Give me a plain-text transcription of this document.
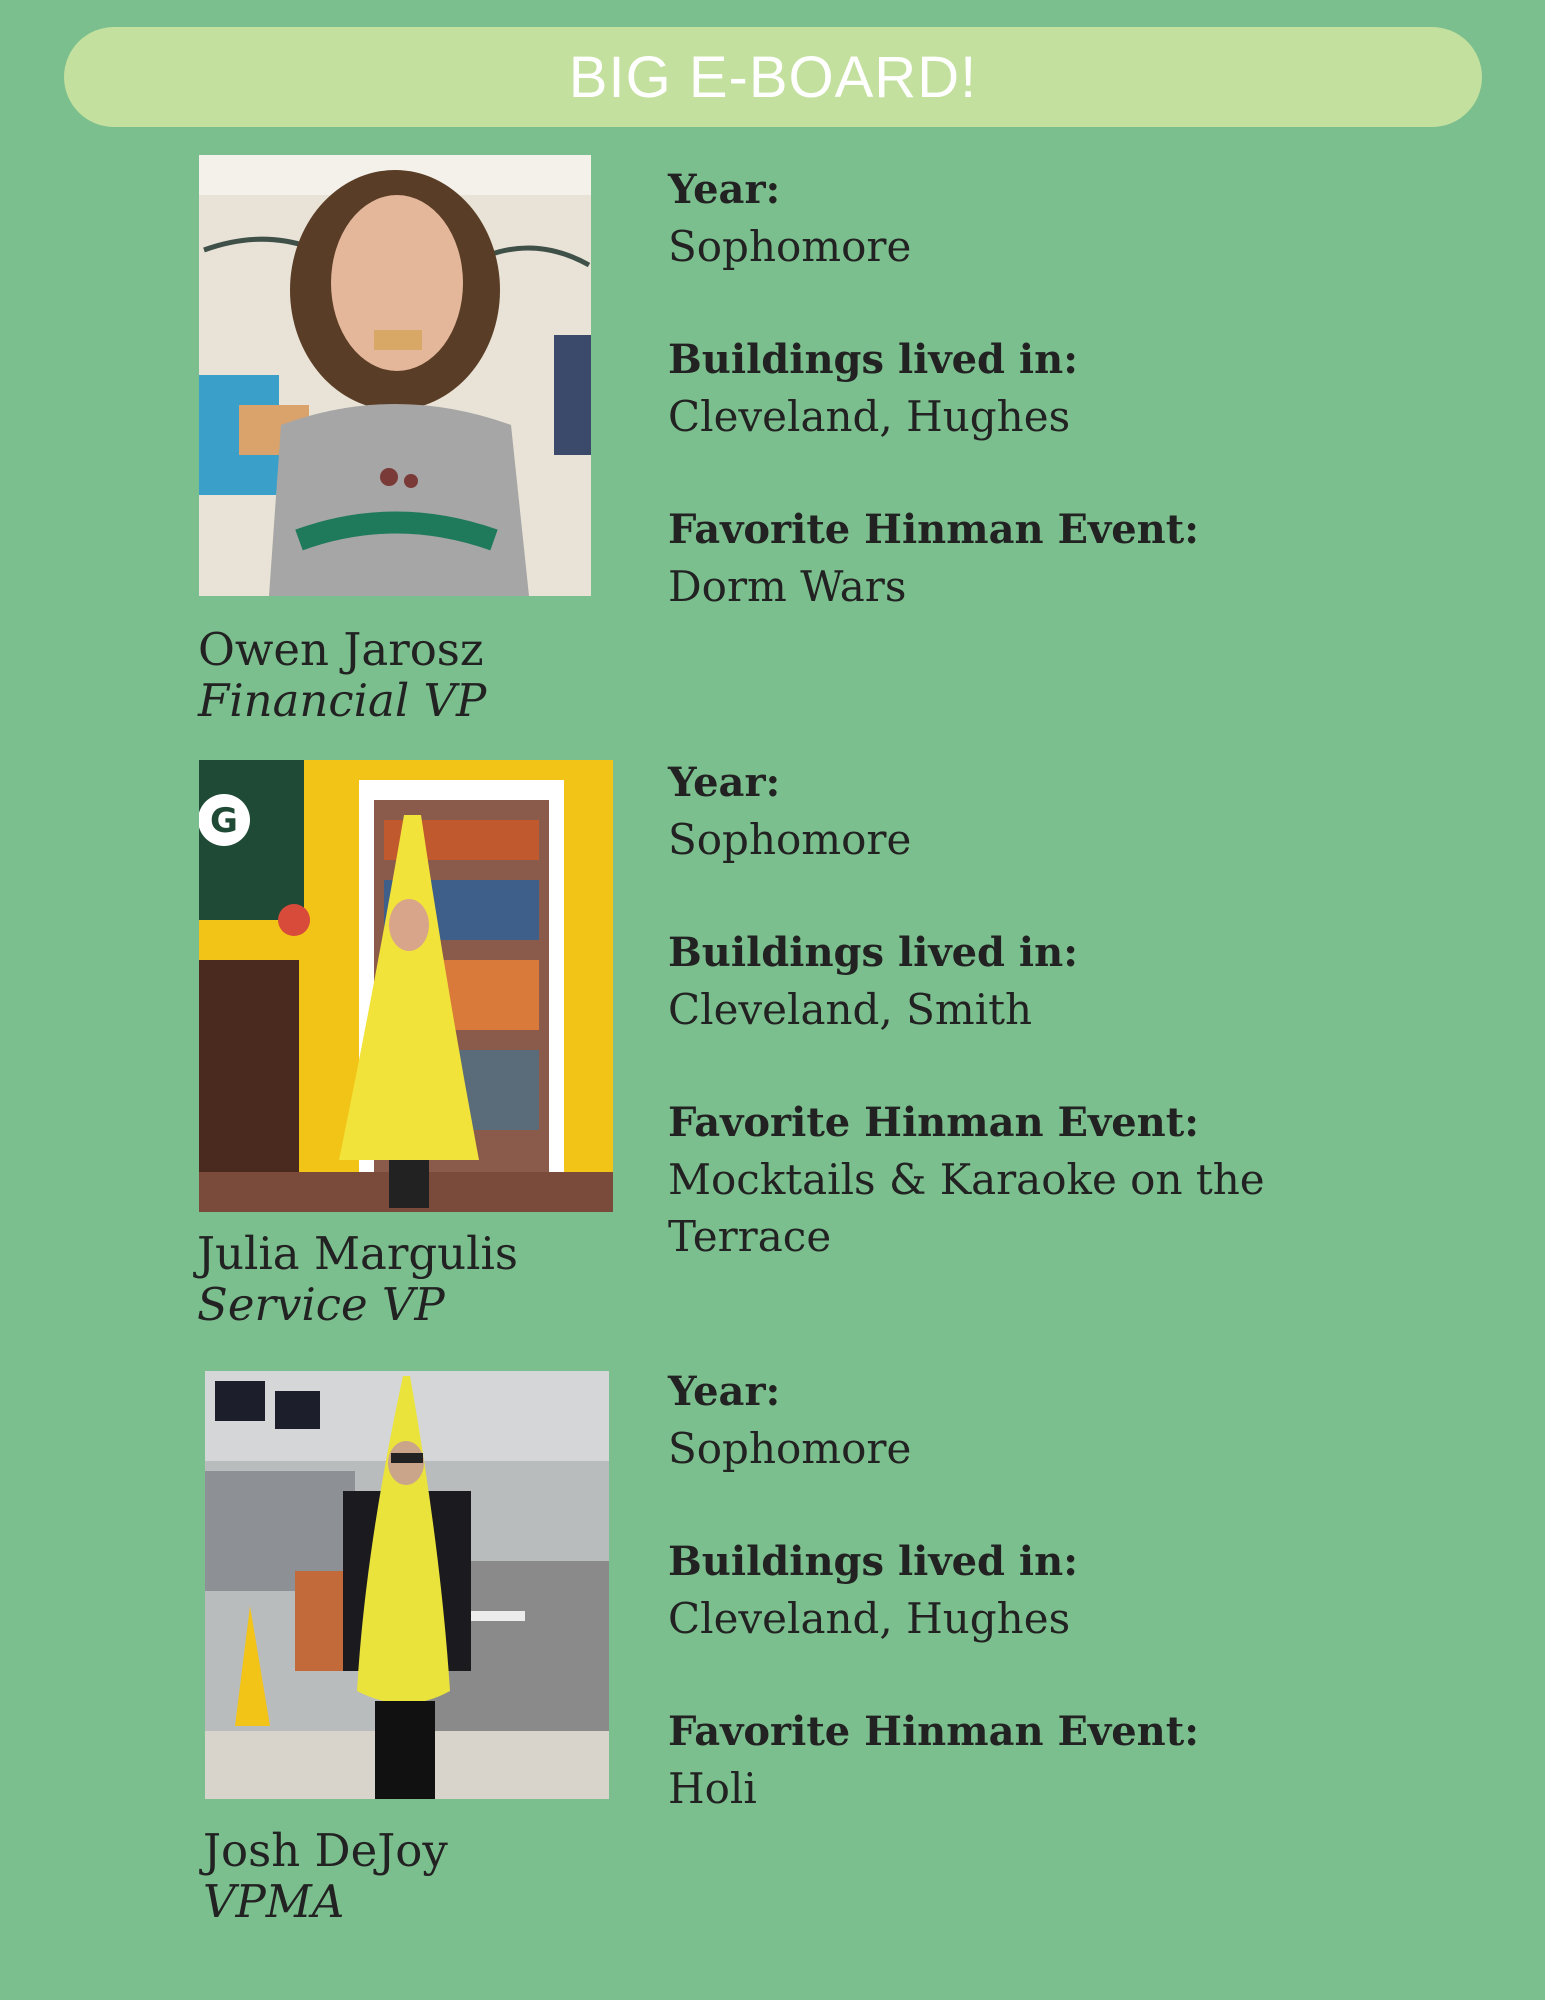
BIG E-BOARD!
Owen Jarosz
Financial VP
Year:
Sophomore
Buildings lived in:
Cleveland, Hughes
Favorite Hinman Event:
Dorm Wars
G
Julia Margulis
Service VP
Year:
Sophomore
Buildings lived in:
Cleveland, Smith
Favorite Hinman Event:
Mocktails & Karaoke on the
Terrace
Josh DeJoy
VPMA
Year:
Sophomore
Buildings lived in:
Cleveland, Hughes
Favorite Hinman Event:
Holi
